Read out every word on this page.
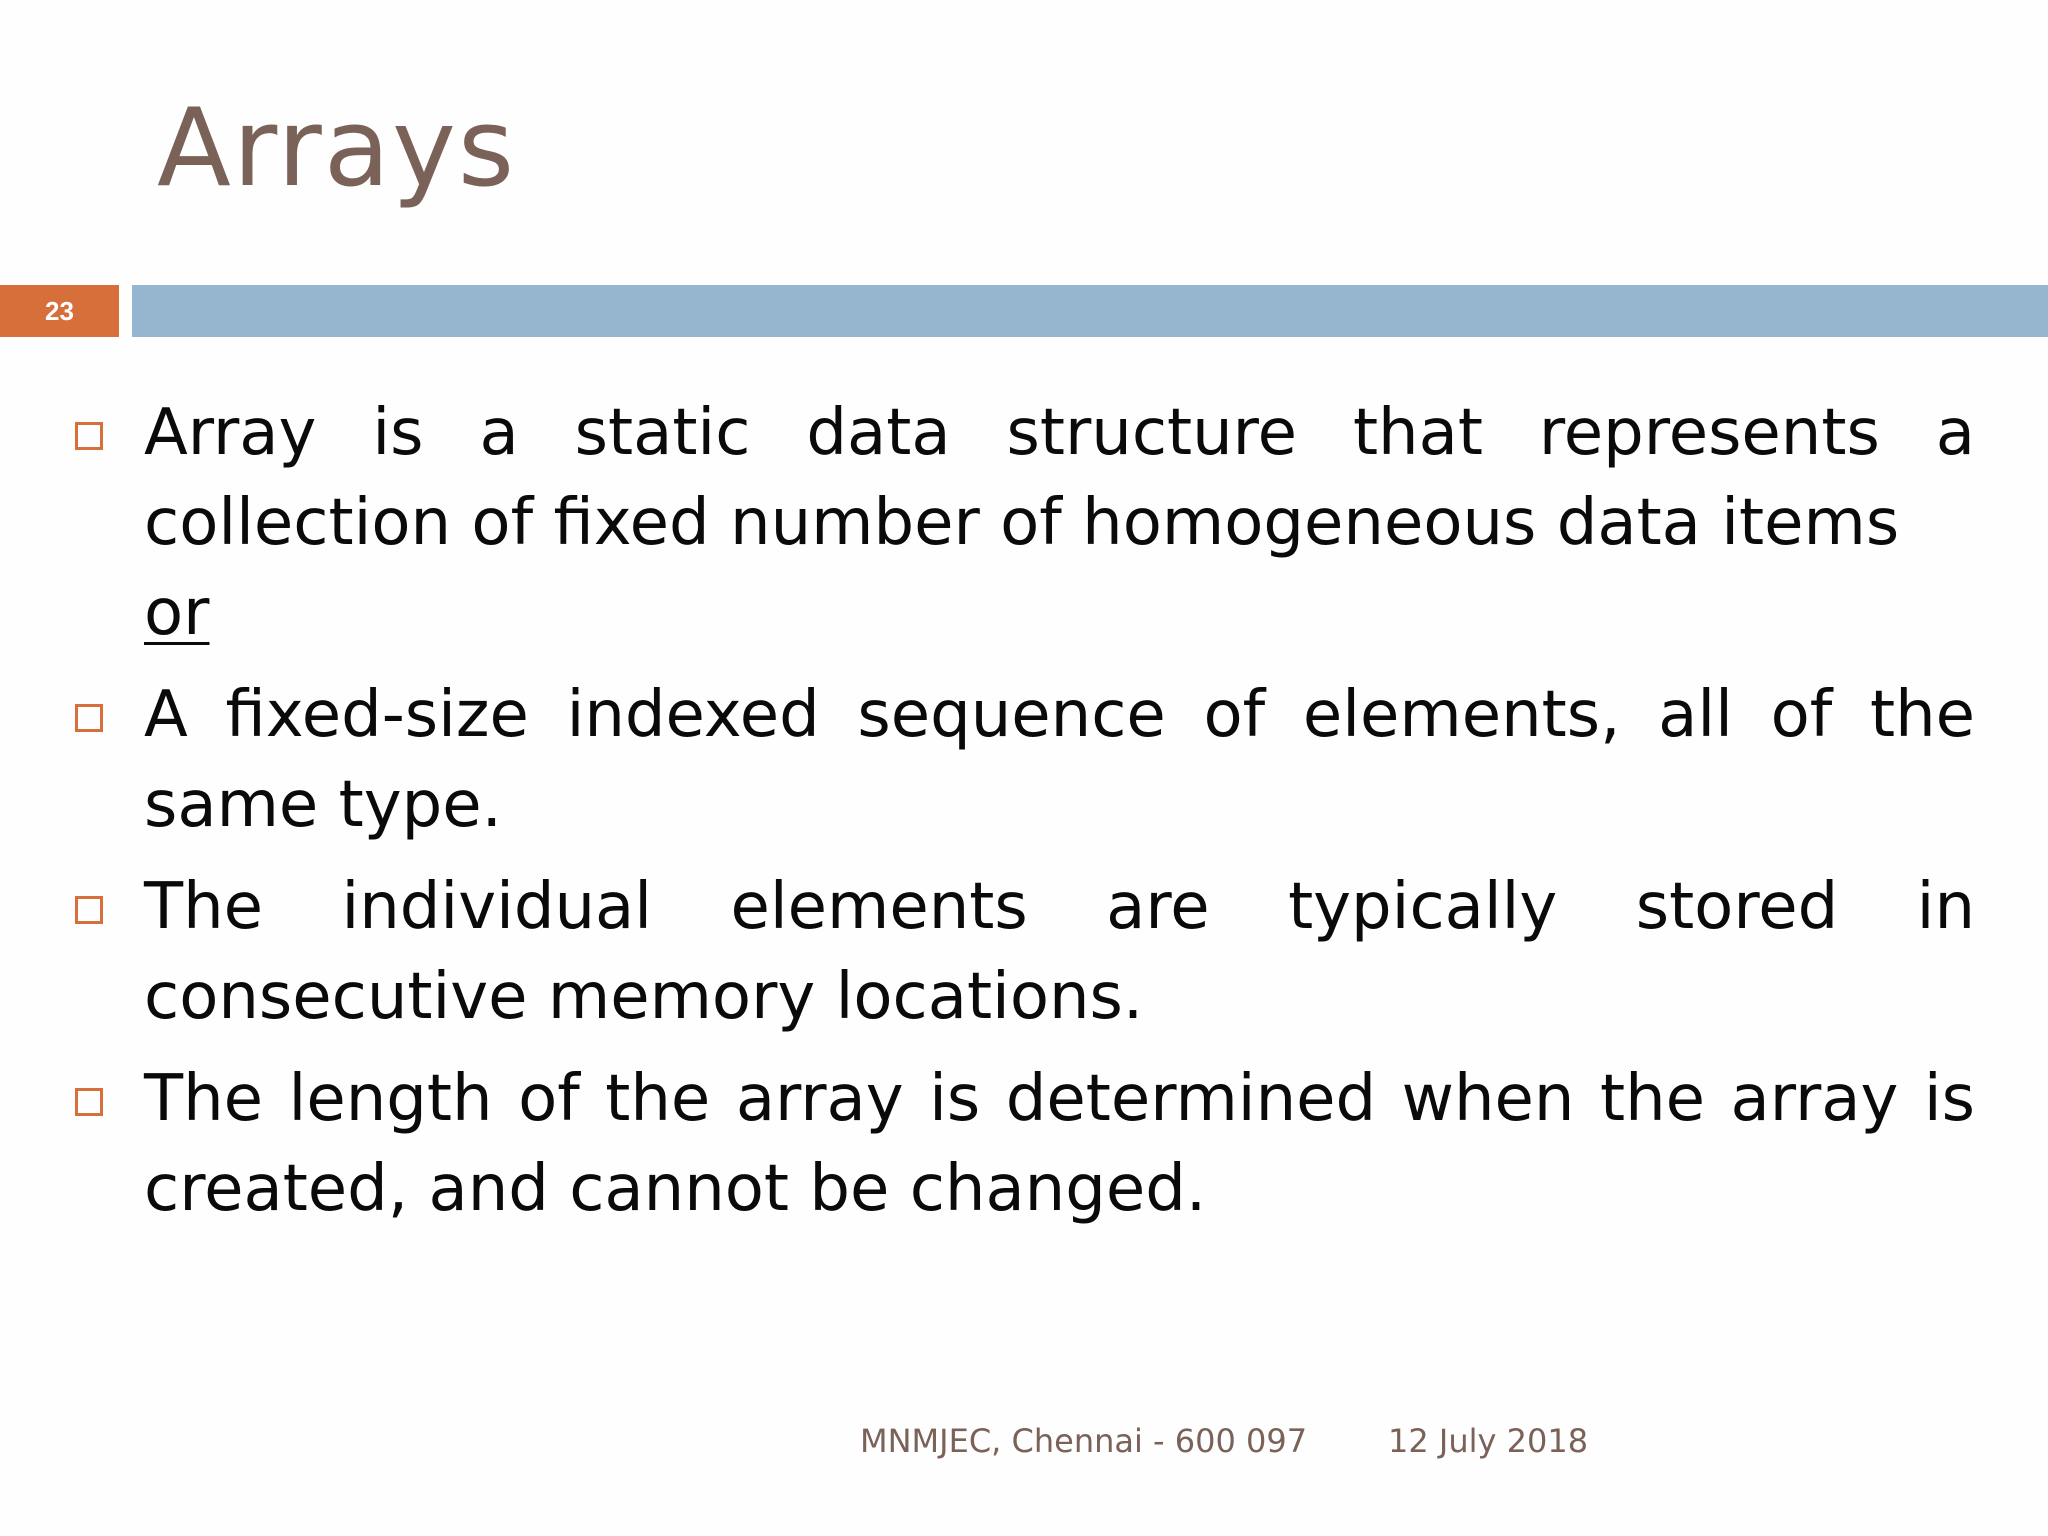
Arrays
23
Array is a static data structure that represents a collection of fixed number of homogeneous data items
or
A fixed-size indexed sequence of elements, all of the same type.
The individual elements are typically stored in consecutive memory locations.
The length of the array is determined when the array is created, and cannot be changed.
MNMJEC, Chennai - 600 097	12 July 2018
